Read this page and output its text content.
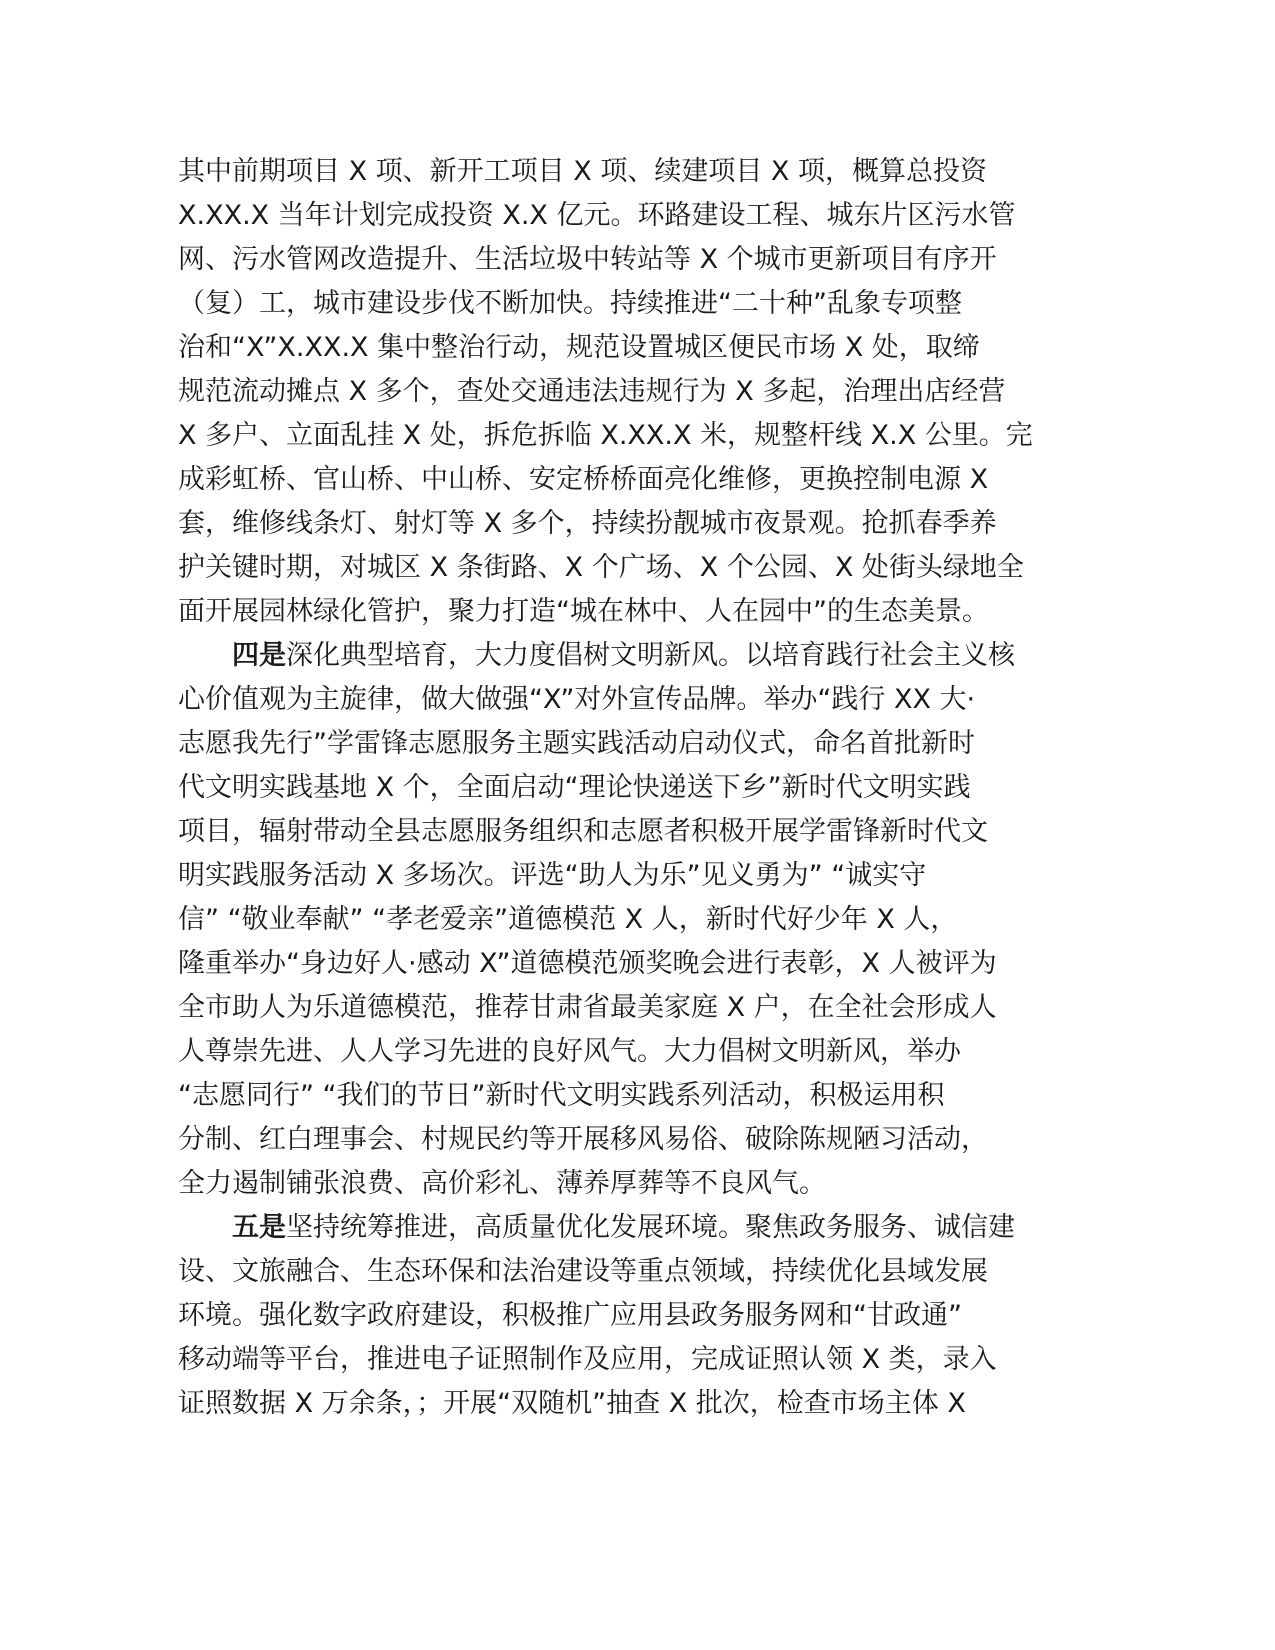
其中前期项目 X 项、新开工项目 X 项、续建项目 X 项，概算总投资
X.XX.X 当年计划完成投资 X.X 亿元。环路建设工程、城东片区污水管
网、污水管网改造提升、生活垃圾中转站等 X 个城市更新项目有序开
（复）工，城市建设步伐不断加快。持续推进“二十种”乱象专项整
治和“X”X.XX.X 集中整治行动，规范设置城区便民市场 X 处，取缔
规范流动摊点 X 多个，查处交通违法违规行为 X 多起，治理出店经营
X 多户、立面乱挂 X 处，拆危拆临 X.XX.X 米，规整杆线 X.X 公里。完
成彩虹桥、官山桥、中山桥、安定桥桥面亮化维修，更换控制电源 X
套，维修线条灯、射灯等 X 多个，持续扮靓城市夜景观。抢抓春季养
护关键时期，对城区 X 条街路、X 个广场、X 个公园、X 处街头绿地全
面开展园林绿化管护，聚力打造“城在林中、人在园中”的生态美景。
四是深化典型培育，大力度倡树文明新风。以培育践行社会主义核
心价值观为主旋律，做大做强“X”对外宣传品牌。举办“践行 XX 大·
志愿我先行”学雷锋志愿服务主题实践活动启动仪式，命名首批新时
代文明实践基地 X 个，全面启动“理论快递送下乡”新时代文明实践
项目，辐射带动全县志愿服务组织和志愿者积极开展学雷锋新时代文
明实践服务活动 X 多场次。评选“助人为乐”见义勇为” “诚实守
信” “敬业奉献” “孝老爱亲”道德模范 X 人，新时代好少年 X 人，
隆重举办“身边好人·感动 X”道德模范颁奖晚会进行表彰，X 人被评为
全市助人为乐道德模范，推荐甘肃省最美家庭 X 户，在全社会形成人
人尊崇先进、人人学习先进的良好风气。大力倡树文明新风，举办
“志愿同行” “我们的节日”新时代文明实践系列活动，积极运用积
分制、红白理事会、村规民约等开展移风易俗、破除陈规陋习活动，
全力遏制铺张浪费、高价彩礼、薄养厚葬等不良风气。
五是坚持统筹推进，高质量优化发展环境。聚焦政务服务、诚信建
设、文旅融合、生态环保和法治建设等重点领域，持续优化县域发展
环境。强化数字政府建设，积极推广应用县政务服务网和“甘政通”
移动端等平台，推进电子证照制作及应用，完成证照认领 X 类，录入
证照数据 X 万余条，；开展“双随机”抽查 X 批次，检查市场主体 X
